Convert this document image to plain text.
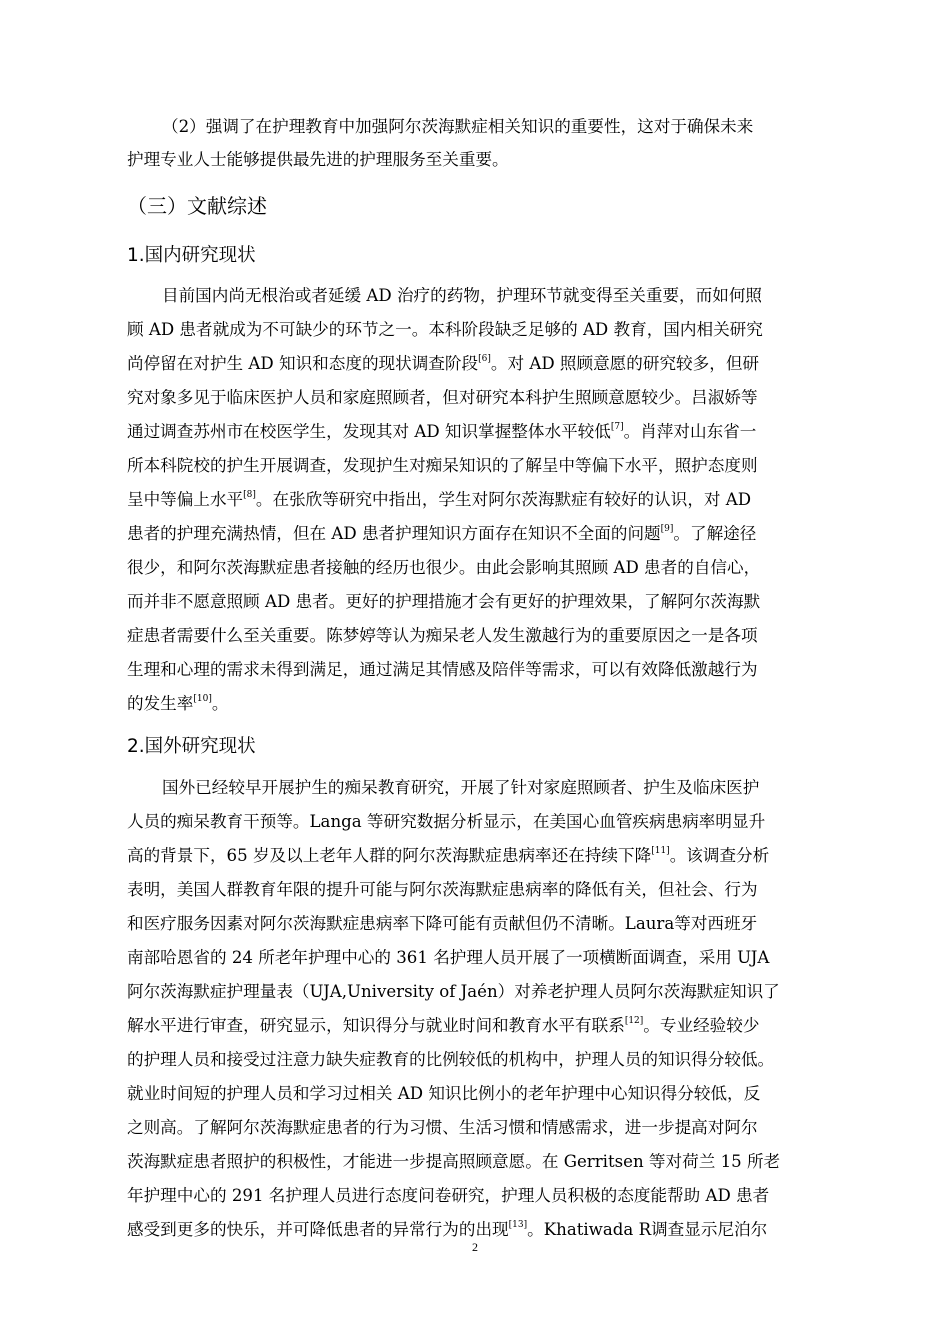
（2）强调了在护理教育中加强阿尔茨海默症相关知识的重要性，这对于确保未来
护理专业人士能够提供最先进的护理服务至关重要。
（三）文献综述
1.国内研究现状
目前国内尚无根治或者延缓 AD 治疗的药物，护理环节就变得至关重要，而如何照
顾 AD 患者就成为不可缺少的环节之一。本科阶段缺乏足够的 AD 教育，国内相关研究
尚停留在对护生 AD 知识和态度的现状调查阶段[6]。对 AD 照顾意愿的研究较多，但研
究对象多见于临床医护人员和家庭照顾者，但对研究本科护生照顾意愿较少。吕淑娇等
通过调查苏州市在校医学生，发现其对 AD 知识掌握整体水平较低[7]。肖萍对山东省一
所本科院校的护生开展调查，发现护生对痴呆知识的了解呈中等偏下水平，照护态度则
呈中等偏上水平[8]。在张欣等研究中指出，学生对阿尔茨海默症有较好的认识，对 AD
患者的护理充满热情，但在 AD 患者护理知识方面存在知识不全面的问题[9]。了解途径
很少，和阿尔茨海默症患者接触的经历也很少。由此会影响其照顾 AD 患者的自信心，
而并非不愿意照顾 AD 患者。更好的护理措施才会有更好的护理效果，了解阿尔茨海默
症患者需要什么至关重要。陈梦婷等认为痴呆老人发生激越行为的重要原因之一是各项
生理和心理的需求未得到满足，通过满足其情感及陪伴等需求，可以有效降低激越行为
的发生率[10]。
2.国外研究现状
国外已经较早开展护生的痴呆教育研究，开展了针对家庭照顾者、护生及临床医护
人员的痴呆教育干预等。Langa 等研究数据分析显示，在美国心血管疾病患病率明显升
高的背景下，65 岁及以上老年人群的阿尔茨海默症患病率还在持续下降[11]。该调查分析
表明，美国人群教育年限的提升可能与阿尔茨海默症患病率的降低有关，但社会、行为
和医疗服务因素对阿尔茨海默症患病率下降可能有贡献但仍不清晰。Laura等对西班牙
南部哈恩省的 24 所老年护理中心的 361 名护理人员开展了一项横断面调查，采用 UJA
阿尔茨海默症护理量表（UJA,University of Jaén）对养老护理人员阿尔茨海默症知识了
解水平进行审查，研究显示，知识得分与就业时间和教育水平有联系[12]。专业经验较少
的护理人员和接受过注意力缺失症教育的比例较低的机构中，护理人员的知识得分较低。
就业时间短的护理人员和学习过相关 AD 知识比例小的老年护理中心知识得分较低，反
之则高。了解阿尔茨海默症患者的行为习惯、生活习惯和情感需求，进一步提高对阿尔
茨海默症患者照护的积极性，才能进一步提高照顾意愿。在 Gerritsen 等对荷兰 15 所老
年护理中心的 291 名护理人员进行态度问卷研究，护理人员积极的态度能帮助 AD 患者
感受到更多的快乐，并可降低患者的异常行为的出现[13]。Khatiwada R调查显示尼泊尔
2
